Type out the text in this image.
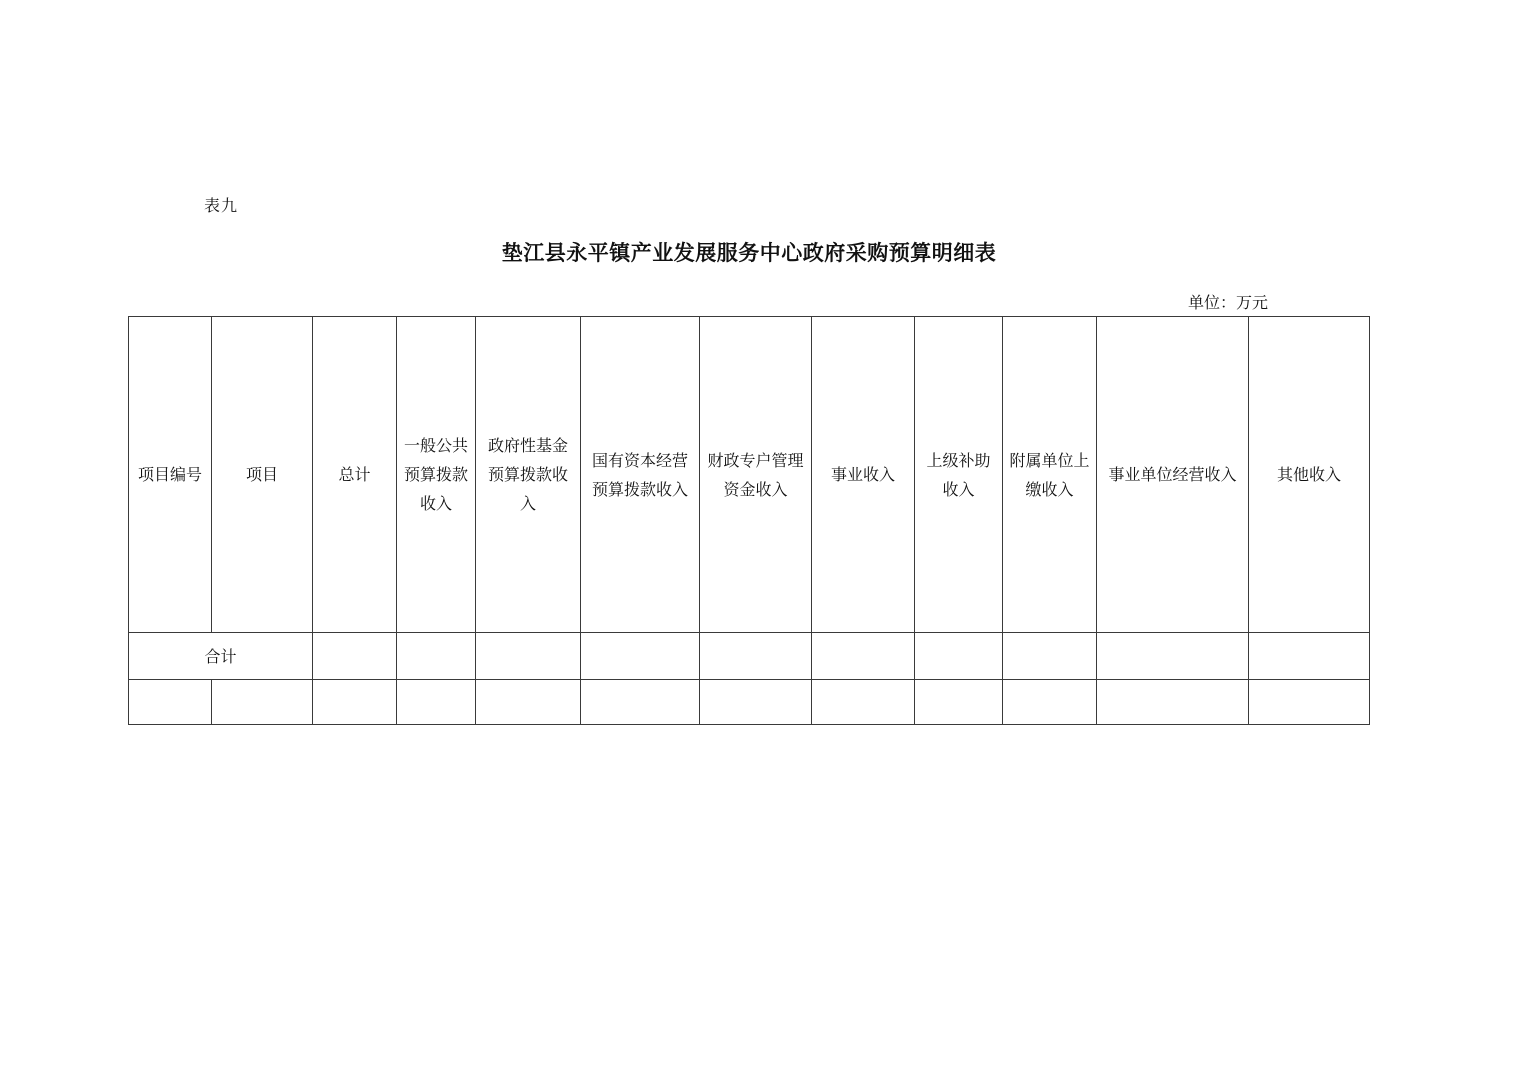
表九
垫江县永平镇产业发展服务中心政府采购预算明细表
单位：万元
项目编号	项目	总计	一般公共预算拨款收入	政府性基金预算拨款收入	国有资本经营预算拨款收入	财政专户管理资金收入	事业收入	上级补助收入	附属单位上缴收入	事业单位经营收入	其他收入
合计											
